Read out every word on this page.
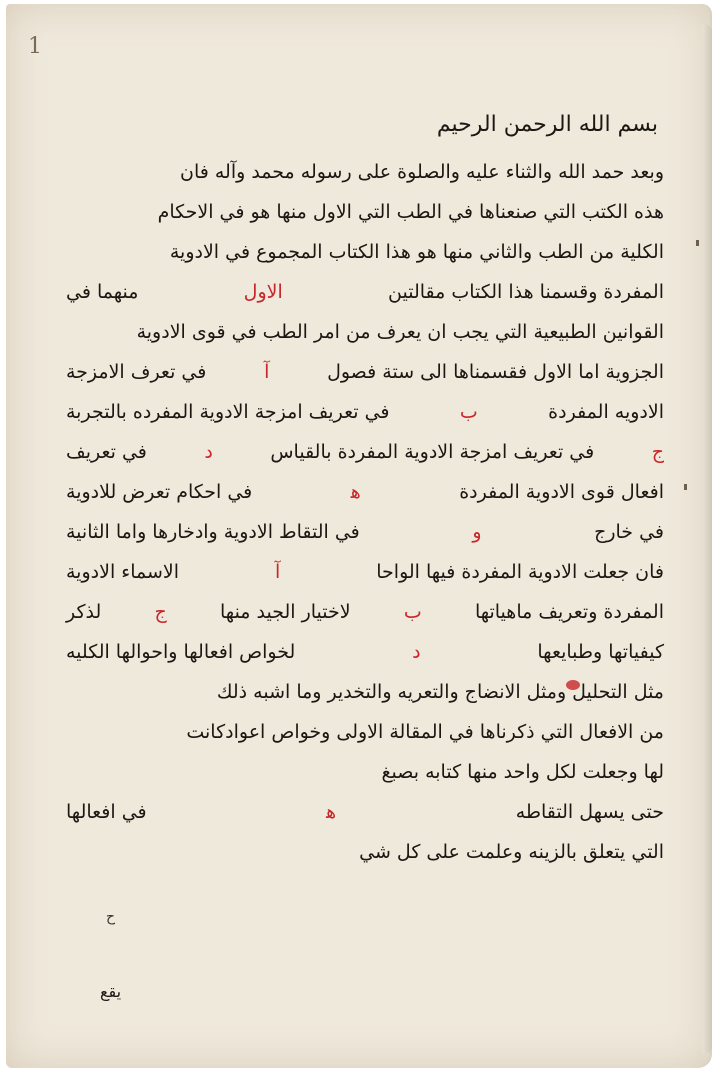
1
بسم الله الرحمن الرحيم
وبعد حمد الله والثناء عليه والصلوة على رسوله محمد وآله فان
هذه الكتب التي صنعناها في الطب التي الاول منها هو في الاحكام
الكلية من الطب والثاني منها هو هذا الكتاب المجموع في الادوية
المفردة وقسمنا هذا الكتاب مقالتين
الاول
منهما في
القوانين الطبيعية التي يجب ان يعرف من امر الطب في قوى الادوية
الجزوية اما الاول فقسمناها الى ستة فصول
آ
في تعرف الامزجة
الادويه المفردة
ب
في تعريف امزجة الادوية المفرده بالتجربة
ج
في تعريف امزجة الادوية المفردة بالقياس
د
في تعريف
افعال قوى الادوية المفردة
ﻫ
في احكام تعرض للادوية
في خارج
و
في التقاط الادوية وادخارها واما الثانية
فان جعلت الادوية المفردة فيها الواحا
آ
الاسماء الادوية
المفردة وتعريف ماهياتها
ب
لاختيار الجيد منها
ج
لذكر
كيفياتها وطبايعها
د
لخواص افعالها واحوالها الكليه
مثل التحليل ومثل الانضاج والتعريه والتخدير وما اشبه ذلك
من الافعال التي ذكرناها في المقالة الاولى وخواص اعوادكانت
لها وجعلت لكل واحد منها كتابه بصبغ
حتى يسهل التقاطه
ﻫ
في افعالها
التي يتعلق بالزينه وعلمت على كل شي
ح
يقع
